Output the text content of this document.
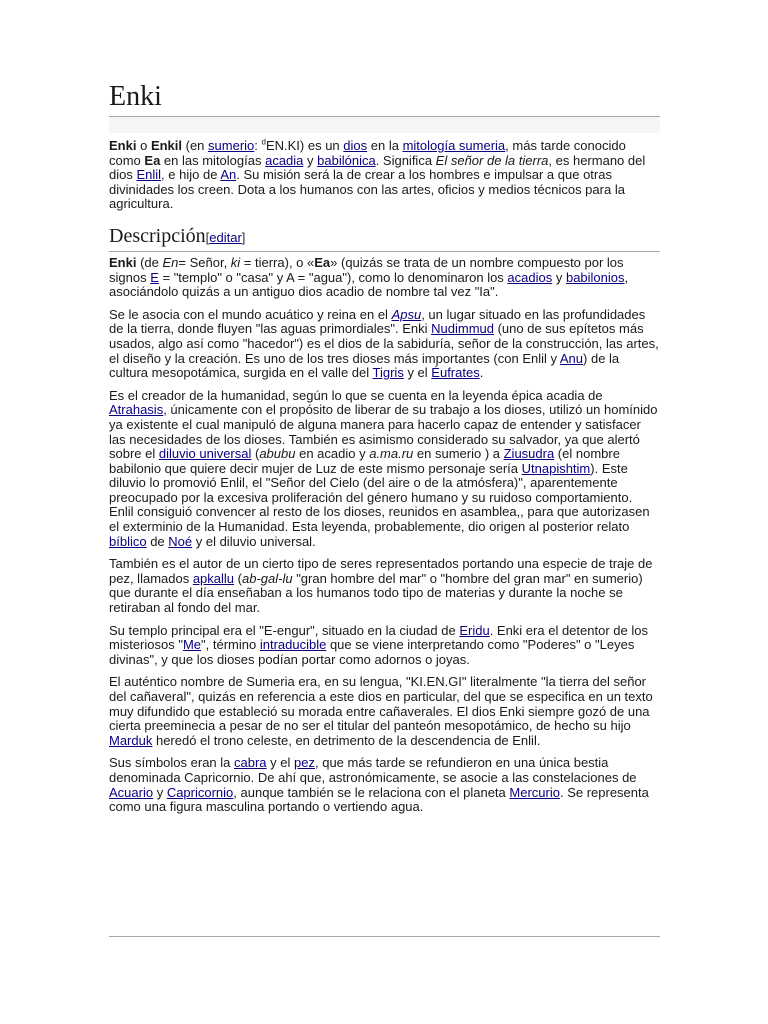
Enki

Enki o Enkil (en sumerio: $^d$EN.KI) es un dios en la mitología sumeria, más tarde conocido como Ea en las mitologías acadia y babilónica. Significa El señor de la tierra, es hermano del dios Enlil, e hijo de An. Su misión será la de crear a los hombres e impulsar a que otras divinidades los creen. Dota a los humanos con las artes, oficios y medios técnicos para la agricultura.

Descripción[editar]

Enki (de En= Señor, ki = tierra), o «Ea» (quizás se trata de un nombre compuesto por los signos E = "templo" o "casa" y A = "agua"), como lo denominaron los acadios y babilonios, asociándolo quizás a un antiguo dios acadio de nombre tal vez "Ia".

Se le asocia con el mundo acuático y reina en el Apsu, un lugar situado en las profundidades de la tierra, donde fluyen "las aguas primordiales". Enki Nudimmud (uno de sus epítetos más usados, algo así como "hacedor") es el dios de la sabiduría, señor de la construcción, las artes, el diseño y la creación. Es uno de los tres dioses más importantes (con Enlil y Anu) de la cultura mesopotámica, surgida en el valle del Tigris y el Éufrates.

Es el creador de la humanidad, según lo que se cuenta en la leyenda épica acadia de Atrahasis, únicamente con el propósito de liberar de su trabajo a los dioses, utilizó un homínido ya existente el cual manipuló de alguna manera para hacerlo capaz de entender y satisfacer las necesidades de los dioses. También es asimismo considerado su salvador, ya que alertó sobre el diluvio universal (abubu en acadio y a.ma.ru en sumerio ) a Ziusudra (el nombre babilonio que quiere decir mujer de Luz de este mismo personaje sería Utnapishtim). Este diluvio lo promovió Enlil, el "Señor del Cielo (del aire o de la atmósfera)", aparentemente preocupado por la excesiva proliferación del género humano y su ruidoso comportamiento. Enlil consiguió convencer al resto de los dioses, reunidos en asamblea,, para que autorizasen el exterminio de la Humanidad. Esta leyenda, probablemente, dio origen al posterior relato bíblico de Noé y el diluvio universal.

También es el autor de un cierto tipo de seres representados portando una especie de traje de pez, llamados apkallu (ab-gal-lu "gran hombre del mar" o "hombre del gran mar" en sumerio) que durante el día enseñaban a los humanos todo tipo de materias y durante la noche se retiraban al fondo del mar.

Su templo principal era el "E-engur", situado en la ciudad de Eridu. Enki era el detentor de los misteriosos "Me", término intraducible que se viene interpretando como "Poderes" o "Leyes divinas", y que los dioses podían portar como adornos o joyas.

El auténtico nombre de Sumeria era, en su lengua, "KI.EN.GI" literalmente "la tierra del señor del cañaveral", quizás en referencia a este dios en particular, del que se especifica en un texto muy difundido que estableció su morada entre cañaverales. El dios Enki siempre gozó de una cierta preeminecia a pesar de no ser el titular del panteón mesopotámico, de hecho su hijo Marduk heredó el trono celeste, en detrimento de la descendencia de Enlil.

Sus símbolos eran la cabra y el pez, que más tarde se refundieron en una única bestia denominada Capricornio. De ahí que, astronómicamente, se asocie a las constelaciones de Acuario y Capricornio, aunque también se le relaciona con el planeta Mercurio. Se representa como una figura masculina portando o vertiendo agua.
